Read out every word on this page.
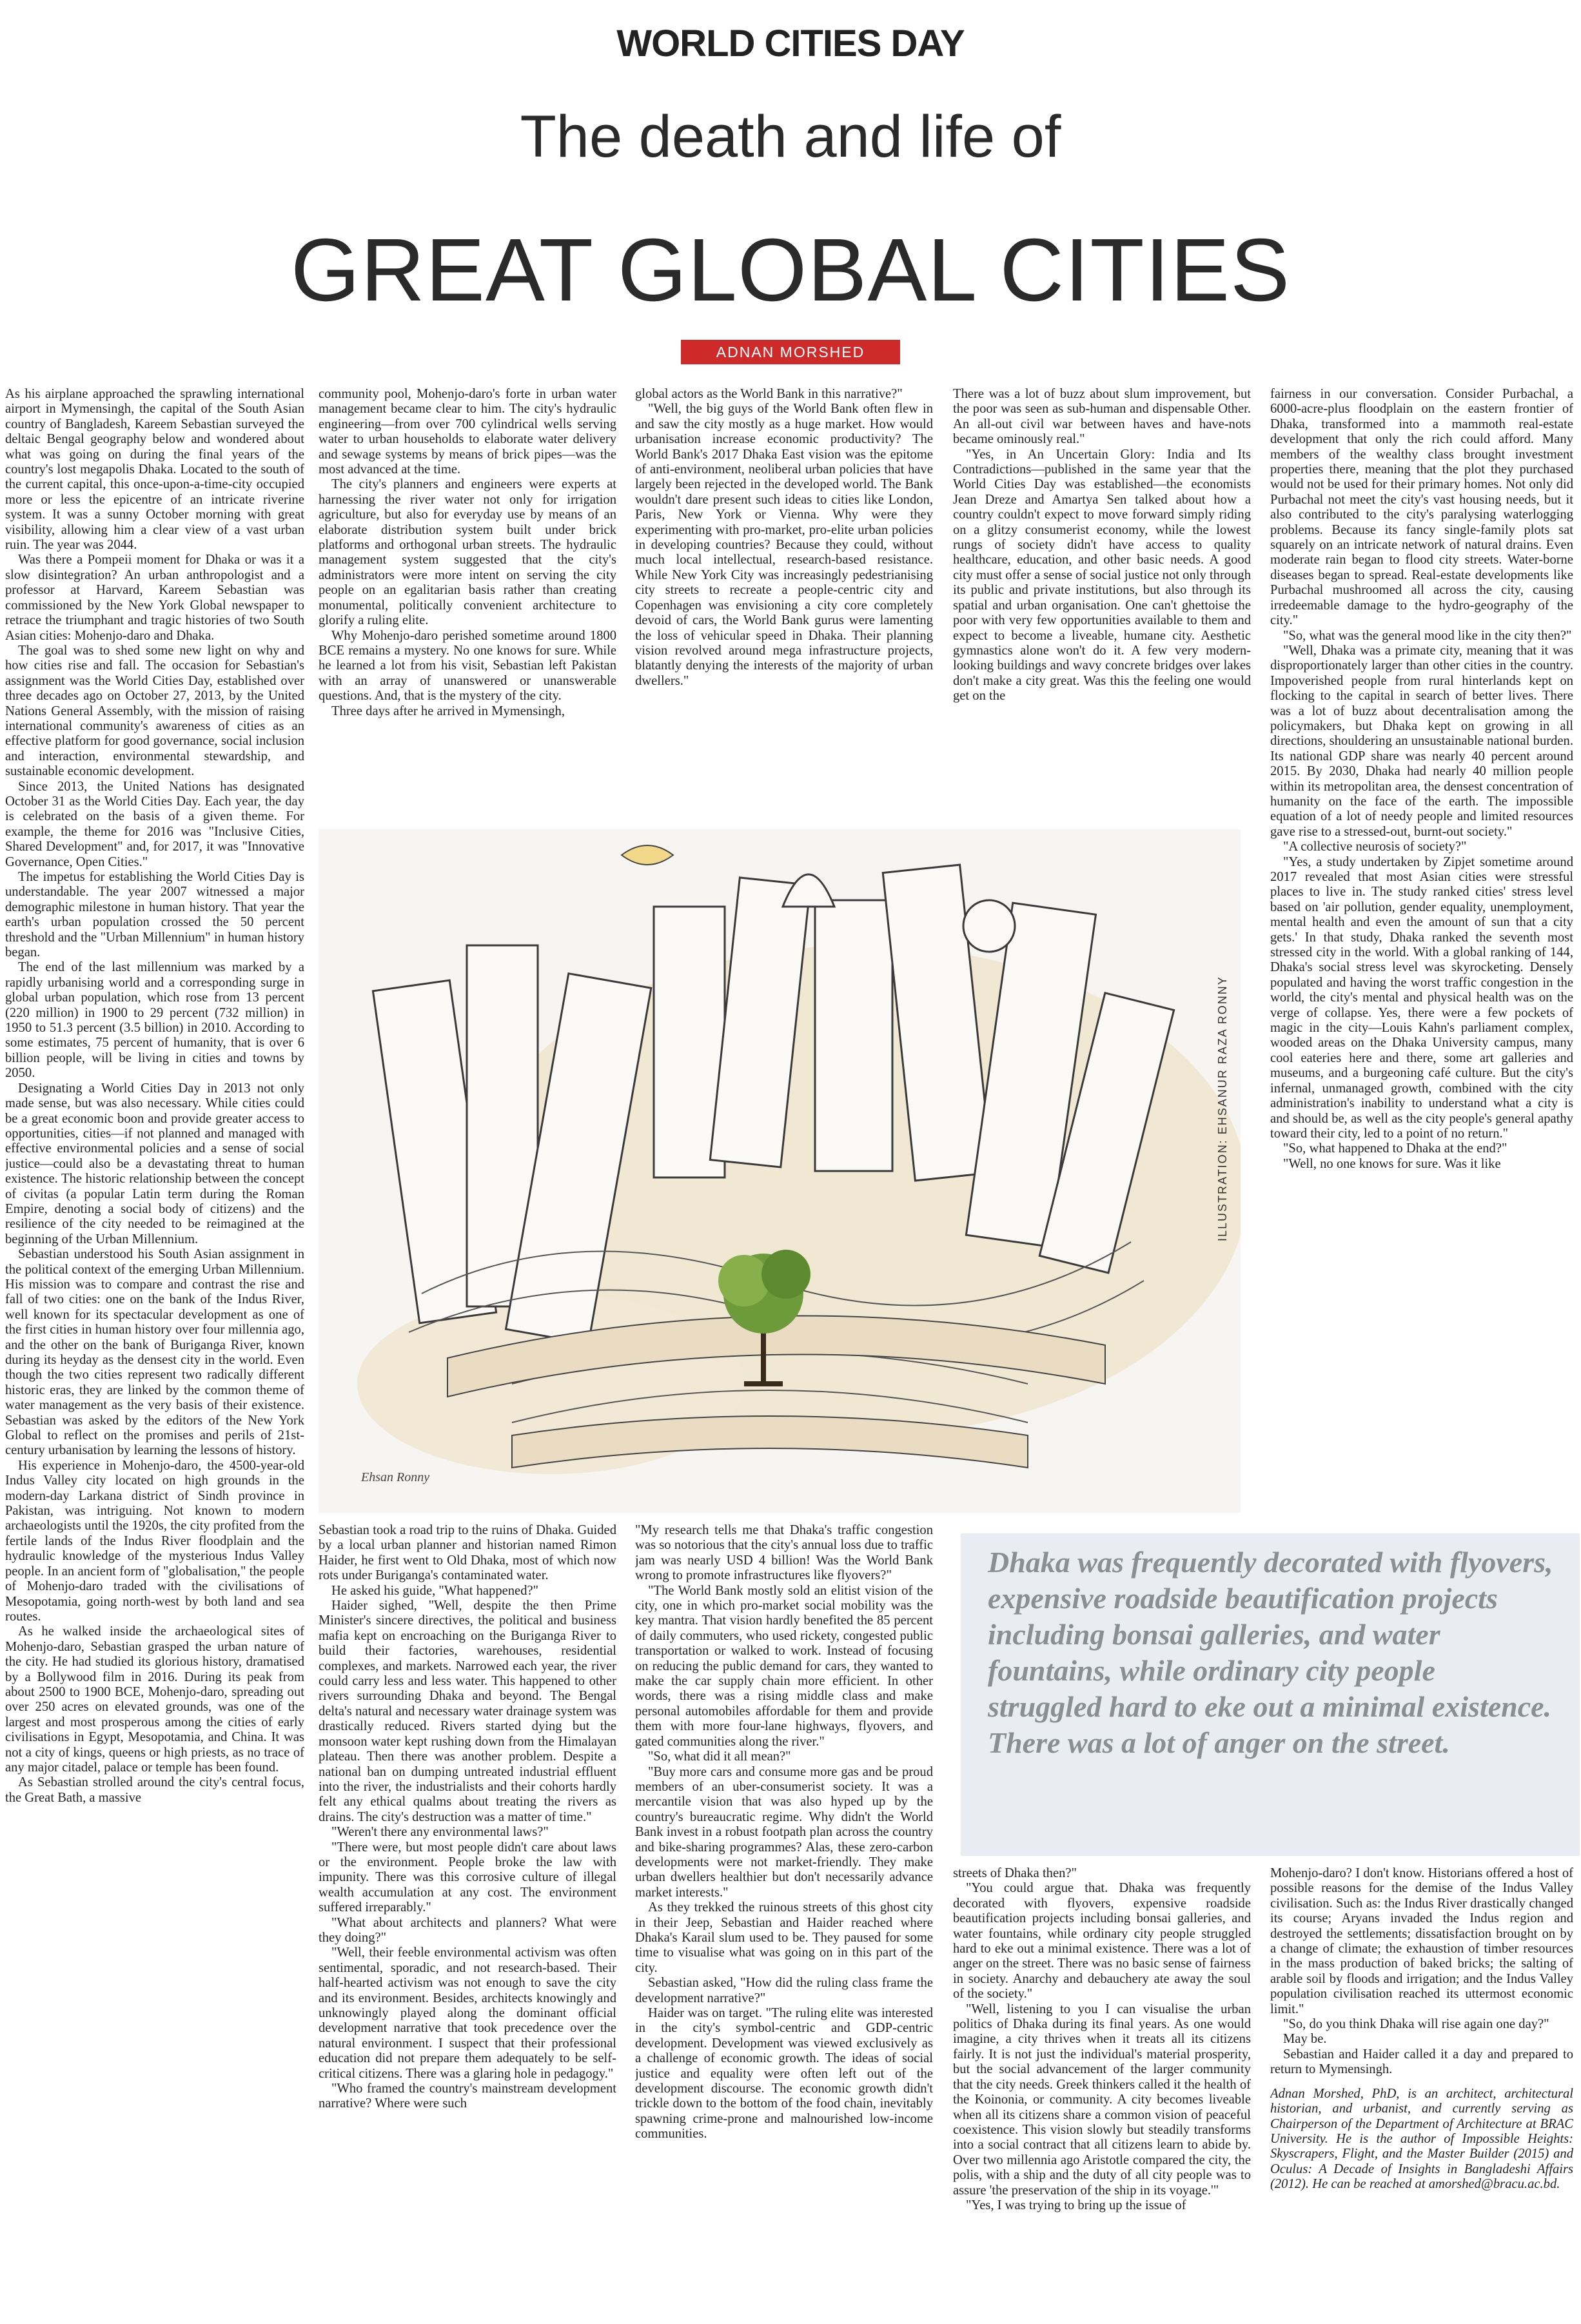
WORLD CITIES DAY
The death and life of
GREAT GLOBAL CITIES
ADNAN MORSHED

As his airplane approached the sprawling international airport in Mymensingh, the capital of the South Asian country of Bangladesh, Kareem Sebastian surveyed the deltaic Bengal geography below and wondered about what was going on during the final years of the country's lost megapolis Dhaka. Located to the south of the current capital, this once-upon-a-time-city occupied more or less the epicentre of an intricate riverine system. It was a sunny October morning with great visibility, allowing him a clear view of a vast urban ruin. The year was 2044.

Was there a Pompeii moment for Dhaka or was it a slow disintegration? An urban anthropologist and a professor at Harvard, Kareem Sebastian was commissioned by the New York Global newspaper to retrace the triumphant and tragic histories of two South Asian cities: Mohenjo-daro and Dhaka.

The goal was to shed some new light on why and how cities rise and fall. The occasion for Sebastian's assignment was the World Cities Day, established over three decades ago on October 27, 2013, by the United Nations General Assembly, with the mission of raising international community's awareness of cities as an effective platform for good governance, social inclusion and interaction, environmental stewardship, and sustainable economic development.

Since 2013, the United Nations has designated October 31 as the World Cities Day. Each year, the day is celebrated on the basis of a given theme. For example, the theme for 2016 was "Inclusive Cities, Shared Development" and, for 2017, it was "Innovative Governance, Open Cities."

The impetus for establishing the World Cities Day is understandable. The year 2007 witnessed a major demographic milestone in human history. That year the earth's urban population crossed the 50 percent threshold and the "Urban Millennium" in human history began.

The end of the last millennium was marked by a rapidly urbanising world and a corresponding surge in global urban population, which rose from 13 percent (220 million) in 1900 to 29 percent (732 million) in 1950 to 51.3 percent (3.5 billion) in 2010. According to some estimates, 75 percent of humanity, that is over 6 billion people, will be living in cities and towns by 2050.

Designating a World Cities Day in 2013 not only made sense, but was also necessary. While cities could be a great economic boon and provide greater access to opportunities, cities—if not planned and managed with effective environmental policies and a sense of social justice—could also be a devastating threat to human existence. The historic relationship between the concept of civitas (a popular Latin term during the Roman Empire, denoting a social body of citizens) and the resilience of the city needed to be reimagined at the beginning of the Urban Millennium.

Sebastian understood his South Asian assignment in the political context of the emerging Urban Millennium. His mission was to compare and contrast the rise and fall of two cities: one on the bank of the Indus River, well known for its spectacular development as one of the first cities in human history over four millennia ago, and the other on the bank of Buriganga River, known during its heyday as the densest city in the world. Even though the two cities represent two radically different historic eras, they are linked by the common theme of water management as the very basis of their existence. Sebastian was asked by the editors of the New York Global to reflect on the promises and perils of 21st-century urbanisation by learning the lessons of history.

His experience in Mohenjo-daro, the 4500-year-old Indus Valley city located on high grounds in the modern-day Larkana district of Sindh province in Pakistan, was intriguing. Not known to modern archaeologists until the 1920s, the city profited from the fertile lands of the Indus River floodplain and the hydraulic knowledge of the mysterious Indus Valley people. In an ancient form of "globalisation," the people of Mohenjo-daro traded with the civilisations of Mesopotamia, going north-west by both land and sea routes.

As he walked inside the archaeological sites of Mohenjo-daro, Sebastian grasped the urban nature of the city. He had studied its glorious history, dramatised by a Bollywood film in 2016. During its peak from about 2500 to 1900 BCE, Mohenjo-daro, spreading out over 250 acres on elevated grounds, was one of the largest and most prosperous among the cities of early civilisations in Egypt, Mesopotamia, and China. It was not a city of kings, queens or high priests, as no trace of any major citadel, palace or temple has been found.

As Sebastian strolled around the city's central focus, the Great Bath, a massive

community pool, Mohenjo-daro's forte in urban water management became clear to him. The city's hydraulic engineering—from over 700 cylindrical wells serving water to urban households to elaborate water delivery and sewage systems by means of brick pipes—was the most advanced at the time.

The city's planners and engineers were experts at harnessing the river water not only for irrigation agriculture, but also for everyday use by means of an elaborate distribution system built under brick platforms and orthogonal urban streets. The hydraulic management system suggested that the city's administrators were more intent on serving the city people on an egalitarian basis rather than creating monumental, politically convenient architecture to glorify a ruling elite.

Why Mohenjo-daro perished sometime around 1800 BCE remains a mystery. No one knows for sure. While he learned a lot from his visit, Sebastian left Pakistan with an array of unanswered or unanswerable questions. And, that is the mystery of the city.

Three days after he arrived in Mymensingh,

global actors as the World Bank in this narrative?"

"Well, the big guys of the World Bank often flew in and saw the city mostly as a huge market. How would urbanisation increase economic productivity? The World Bank's 2017 Dhaka East vision was the epitome of anti-environment, neoliberal urban policies that have largely been rejected in the developed world. The Bank wouldn't dare present such ideas to cities like London, Paris, New York or Vienna. Why were they experimenting with pro-market, pro-elite urban policies in developing countries? Because they could, without much local intellectual, research-based resistance. While New York City was increasingly pedestrianising city streets to recreate a people-centric city and Copenhagen was envisioning a city core completely devoid of cars, the World Bank gurus were lamenting the loss of vehicular speed in Dhaka. Their planning vision revolved around mega infrastructure projects, blatantly denying the interests of the majority of urban dwellers."

There was a lot of buzz about slum improvement, but the poor was seen as sub-human and dispensable Other. An all-out civil war between haves and have-nots became ominously real."

"Yes, in An Uncertain Glory: India and Its Contradictions—published in the same year that the World Cities Day was established—the economists Jean Dreze and Amartya Sen talked about how a country couldn't expect to move forward simply riding on a glitzy consumerist economy, while the lowest rungs of society didn't have access to quality healthcare, education, and other basic needs. A good city must offer a sense of social justice not only through its public and private institutions, but also through its spatial and urban organisation. One can't ghettoise the poor with very few opportunities available to them and expect to become a liveable, humane city. Aesthetic gymnastics alone won't do it. A few very modern-looking buildings and wavy concrete bridges over lakes don't make a city great. Was this the feeling one would get on the

fairness in our conversation. Consider Purbachal, a 6000-acre-plus floodplain on the eastern frontier of Dhaka, transformed into a mammoth real-estate development that only the rich could afford. Many members of the wealthy class brought investment properties there, meaning that the plot they purchased would not be used for their primary homes. Not only did Purbachal not meet the city's vast housing needs, but it also contributed to the city's paralysing waterlogging problems. Because its fancy single-family plots sat squarely on an intricate network of natural drains. Even moderate rain began to flood city streets. Water-borne diseases began to spread. Real-estate developments like Purbachal mushroomed all across the city, causing irredeemable damage to the hydro-geography of the city."

"So, what was the general mood like in the city then?"

"Well, Dhaka was a primate city, meaning that it was disproportionately larger than other cities in the country. Impoverished people from rural hinterlands kept on flocking to the capital in search of better lives. There was a lot of buzz about decentralisation among the policymakers, but Dhaka kept on growing in all directions, shouldering an unsustainable national burden. Its national GDP share was nearly 40 percent around 2015. By 2030, Dhaka had nearly 40 million people within its metropolitan area, the densest concentration of humanity on the face of the earth. The impossible equation of a lot of needy people and limited resources gave rise to a stressed-out, burnt-out society."

"A collective neurosis of society?"

"Yes, a study undertaken by Zipjet sometime around 2017 revealed that most Asian cities were stressful places to live in. The study ranked cities' stress level based on 'air pollution, gender equality, unemployment, mental health and even the amount of sun that a city gets.' In that study, Dhaka ranked the seventh most stressed city in the world. With a global ranking of 144, Dhaka's social stress level was skyrocketing. Densely populated and having the worst traffic congestion in the world, the city's mental and physical health was on the verge of collapse. Yes, there were a few pockets of magic in the city—Louis Kahn's parliament complex, wooded areas on the Dhaka University campus, many cool eateries here and there, some art galleries and museums, and a burgeoning café culture. But the city's infernal, unmanaged growth, combined with the city administration's inability to understand what a city is and should be, as well as the city people's general apathy toward their city, led to a point of no return."

"So, what happened to Dhaka at the end?"

"Well, no one knows for sure. Was it like

ILLUSTRATION: EHSANUR RAZA RONNY
Ehsan Ronny

Sebastian took a road trip to the ruins of Dhaka. Guided by a local urban planner and historian named Rimon Haider, he first went to Old Dhaka, most of which now rots under Buriganga's contaminated water.

He asked his guide, "What happened?"

Haider sighed, "Well, despite the then Prime Minister's sincere directives, the political and business mafia kept on encroaching on the Buriganga River to build their factories, warehouses, residential complexes, and markets. Narrowed each year, the river could carry less and less water. This happened to other rivers surrounding Dhaka and beyond. The Bengal delta's natural and necessary water drainage system was drastically reduced. Rivers started dying but the monsoon water kept rushing down from the Himalayan plateau. Then there was another problem. Despite a national ban on dumping untreated industrial effluent into the river, the industrialists and their cohorts hardly felt any ethical qualms about treating the rivers as drains. The city's destruction was a matter of time."

"Weren't there any environmental laws?"

"There were, but most people didn't care about laws or the environment. People broke the law with impunity. There was this corrosive culture of illegal wealth accumulation at any cost. The environment suffered irreparably."

"What about architects and planners? What were they doing?"

"Well, their feeble environmental activism was often sentimental, sporadic, and not research-based. Their half-hearted activism was not enough to save the city and its environment. Besides, architects knowingly and unknowingly played along the dominant official development narrative that took precedence over the natural environment. I suspect that their professional education did not prepare them adequately to be self-critical citizens. There was a glaring hole in pedagogy."

"Who framed the country's mainstream development narrative? Where were such

"My research tells me that Dhaka's traffic congestion was so notorious that the city's annual loss due to traffic jam was nearly USD 4 billion! Was the World Bank wrong to promote infrastructures like flyovers?"

"The World Bank mostly sold an elitist vision of the city, one in which pro-market social mobility was the key mantra. That vision hardly benefited the 85 percent of daily commuters, who used rickety, congested public transportation or walked to work. Instead of focusing on reducing the public demand for cars, they wanted to make the car supply chain more efficient. In other words, there was a rising middle class and make personal automobiles affordable for them and provide them with more four-lane highways, flyovers, and gated communities along the river."

"So, what did it all mean?"

"Buy more cars and consume more gas and be proud members of an uber-consumerist society. It was a mercantile vision that was also hyped up by the country's bureaucratic regime. Why didn't the World Bank invest in a robust footpath plan across the country and bike-sharing programmes? Alas, these zero-carbon developments were not market-friendly. They make urban dwellers healthier but don't necessarily advance market interests."

As they trekked the ruinous streets of this ghost city in their Jeep, Sebastian and Haider reached where Dhaka's Karail slum used to be. They paused for some time to visualise what was going on in this part of the city.

Sebastian asked, "How did the ruling class frame the development narrative?"

Haider was on target. "The ruling elite was interested in the city's symbol-centric and GDP-centric development. Development was viewed exclusively as a challenge of economic growth. The ideas of social justice and equality were often left out of the development discourse. The economic growth didn't trickle down to the bottom of the food chain, inevitably spawning crime-prone and malnourished low-income communities.

Dhaka was frequently decorated with flyovers, expensive roadside beautification projects including bonsai galleries, and water fountains, while ordinary city people struggled hard to eke out a minimal existence. There was a lot of anger on the street.

streets of Dhaka then?"

"You could argue that. Dhaka was frequently decorated with flyovers, expensive roadside beautification projects including bonsai galleries, and water fountains, while ordinary city people struggled hard to eke out a minimal existence. There was a lot of anger on the street. There was no basic sense of fairness in society. Anarchy and debauchery ate away the soul of the society."

"Well, listening to you I can visualise the urban politics of Dhaka during its final years. As one would imagine, a city thrives when it treats all its citizens fairly. It is not just the individual's material prosperity, but the social advancement of the larger community that the city needs. Greek thinkers called it the health of the Koinonia, or community. A city becomes liveable when all its citizens share a common vision of peaceful coexistence. This vision slowly but steadily transforms into a social contract that all citizens learn to abide by. Over two millennia ago Aristotle compared the city, the polis, with a ship and the duty of all city people was to assure 'the preservation of the ship in its voyage.'"

"Yes, I was trying to bring up the issue of

Mohenjo-daro? I don't know. Historians offered a host of possible reasons for the demise of the Indus Valley civilisation. Such as: the Indus River drastically changed its course; Aryans invaded the Indus region and destroyed the settlements; dissatisfaction brought on by a change of climate; the exhaustion of timber resources in the mass production of baked bricks; the salting of arable soil by floods and irrigation; and the Indus Valley population civilisation reached its uttermost economic limit."

"So, do you think Dhaka will rise again one day?"

May be.

Sebastian and Haider called it a day and prepared to return to Mymensingh.

Adnan Morshed, PhD, is an architect, architectural historian, and urbanist, and currently serving as Chairperson of the Department of Architecture at BRAC University. He is the author of Impossible Heights: Skyscrapers, Flight, and the Master Builder (2015) and Oculus: A Decade of Insights in Bangladeshi Affairs (2012). He can be reached at amorshed@bracu.ac.bd.
